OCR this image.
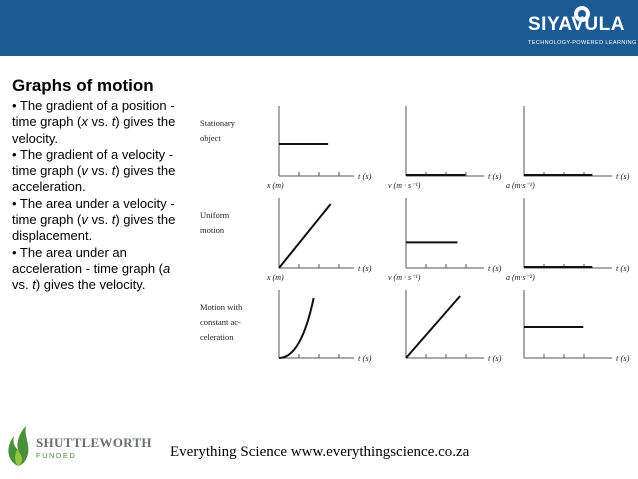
SIYAVULA
TECHNOLOGY-POWERED LEARNING
Graphs of motion

• The gradient of a position - time graph (x vs. t) gives the velocity.

• The gradient of a velocity - time graph (v vs. t) gives the acceleration.

• The area under a velocity - time graph (v vs. t) gives the displacement.

• The area under an acceleration - time graph (a vs. t) gives the velocity.

Stationary
object
Uniform
motion
Motion with
constant ac-
celeration
t (s)
x (m)
t (s)
v (m · s⁻¹)
t (s)
a (m·s⁻²)
t (s)
x (m)
t (s)
v (m · s⁻¹)
t (s)
a (m·s⁻²)
t (s)	t (s)	t (s)
SHUTTLEWORTH
FUNDED	Everything Science www.everythingscience.co.za
